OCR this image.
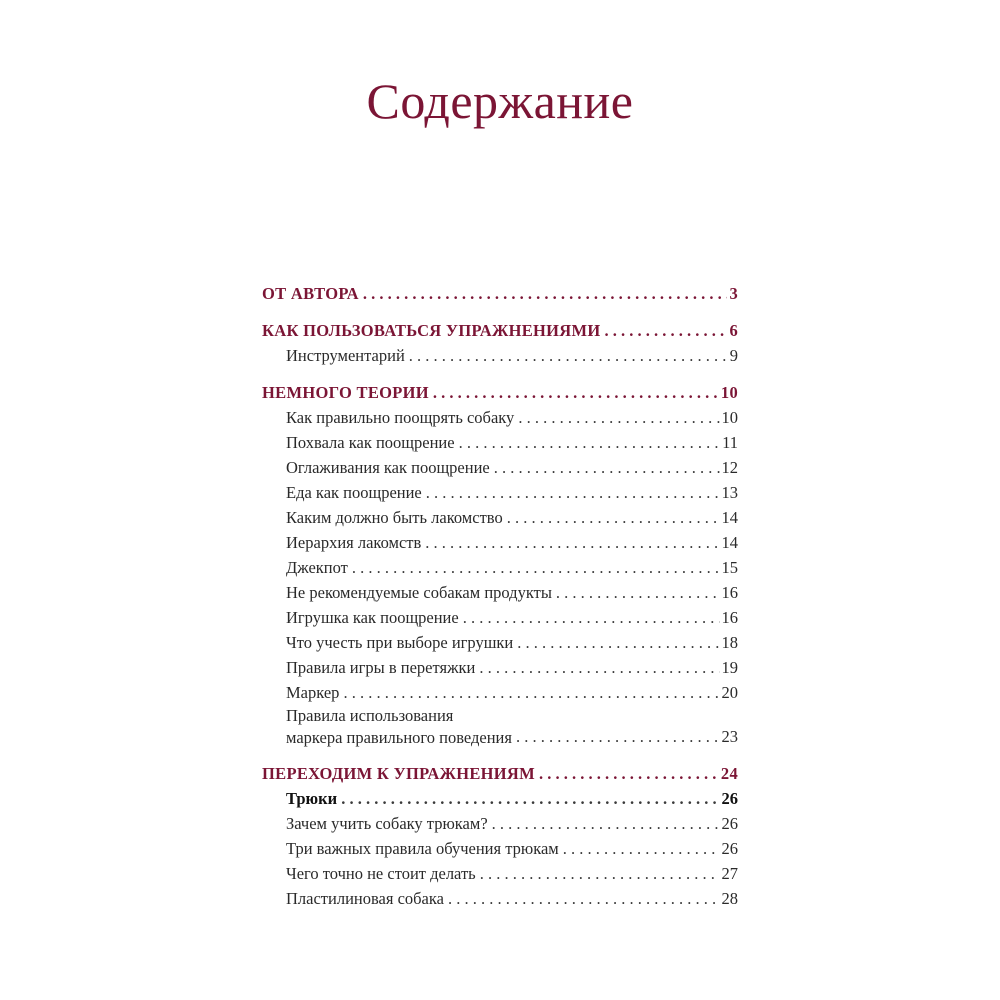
Содержание
ОТ АВТОРА . . .	3
КАК ПОЛЬЗОВАТЬСЯ УПРАЖНЕНИЯМИ . . .	6
Инструментарий . . .	9
НЕМНОГО ТЕОРИИ . . .	10
Как правильно поощрять собаку . . .	10
Похвала как поощрение . . .	11
Оглаживания как поощрение . . .	12
Еда как поощрение . . .	13
Каким должно быть лакомство . . .	14
Иерархия лакомств . . .	14
Джекпот . . .	15
Не рекомендуемые собакам продукты . . .	16
Игрушка как поощрение . . .	16
Что учесть при выборе игрушки . . .	18
Правила игры в перетяжки . . .	19
Маркер . . .	20
Правила использования
маркера правильного поведения . . .	23
ПЕРЕХОДИМ К УПРАЖНЕНИЯМ . . .	24
Трюки . . .	26
Зачем учить собаку трюкам? . . .	26
Три важных правила обучения трюкам . . .	26
Чего точно не стоит делать . . .	27
Пластилиновая собака . . .	28
